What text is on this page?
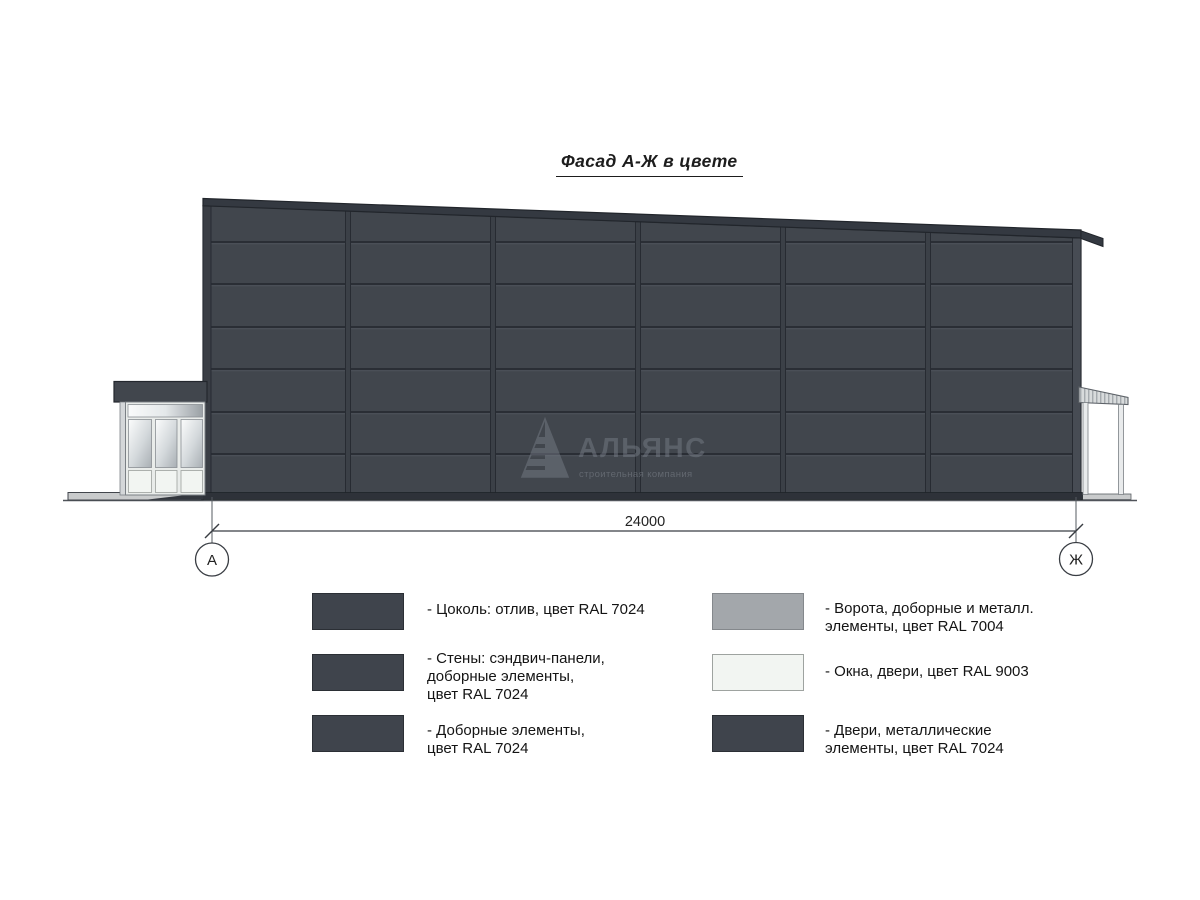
Фасад А-Ж в цвете
АЛЬЯНС
строительная компания
24000
А	Ж
- Цоколь: отлив, цвет RAL 7024
- Стены: сэндвич-панели,
доборные элементы,
цвет RAL 7024
- Доборные элементы,
цвет RAL 7024
- Ворота, доборные и металл.
элементы, цвет RAL 7004
- Окна, двери, цвет RAL 9003
- Двери, металлические
элементы, цвет RAL 7024
